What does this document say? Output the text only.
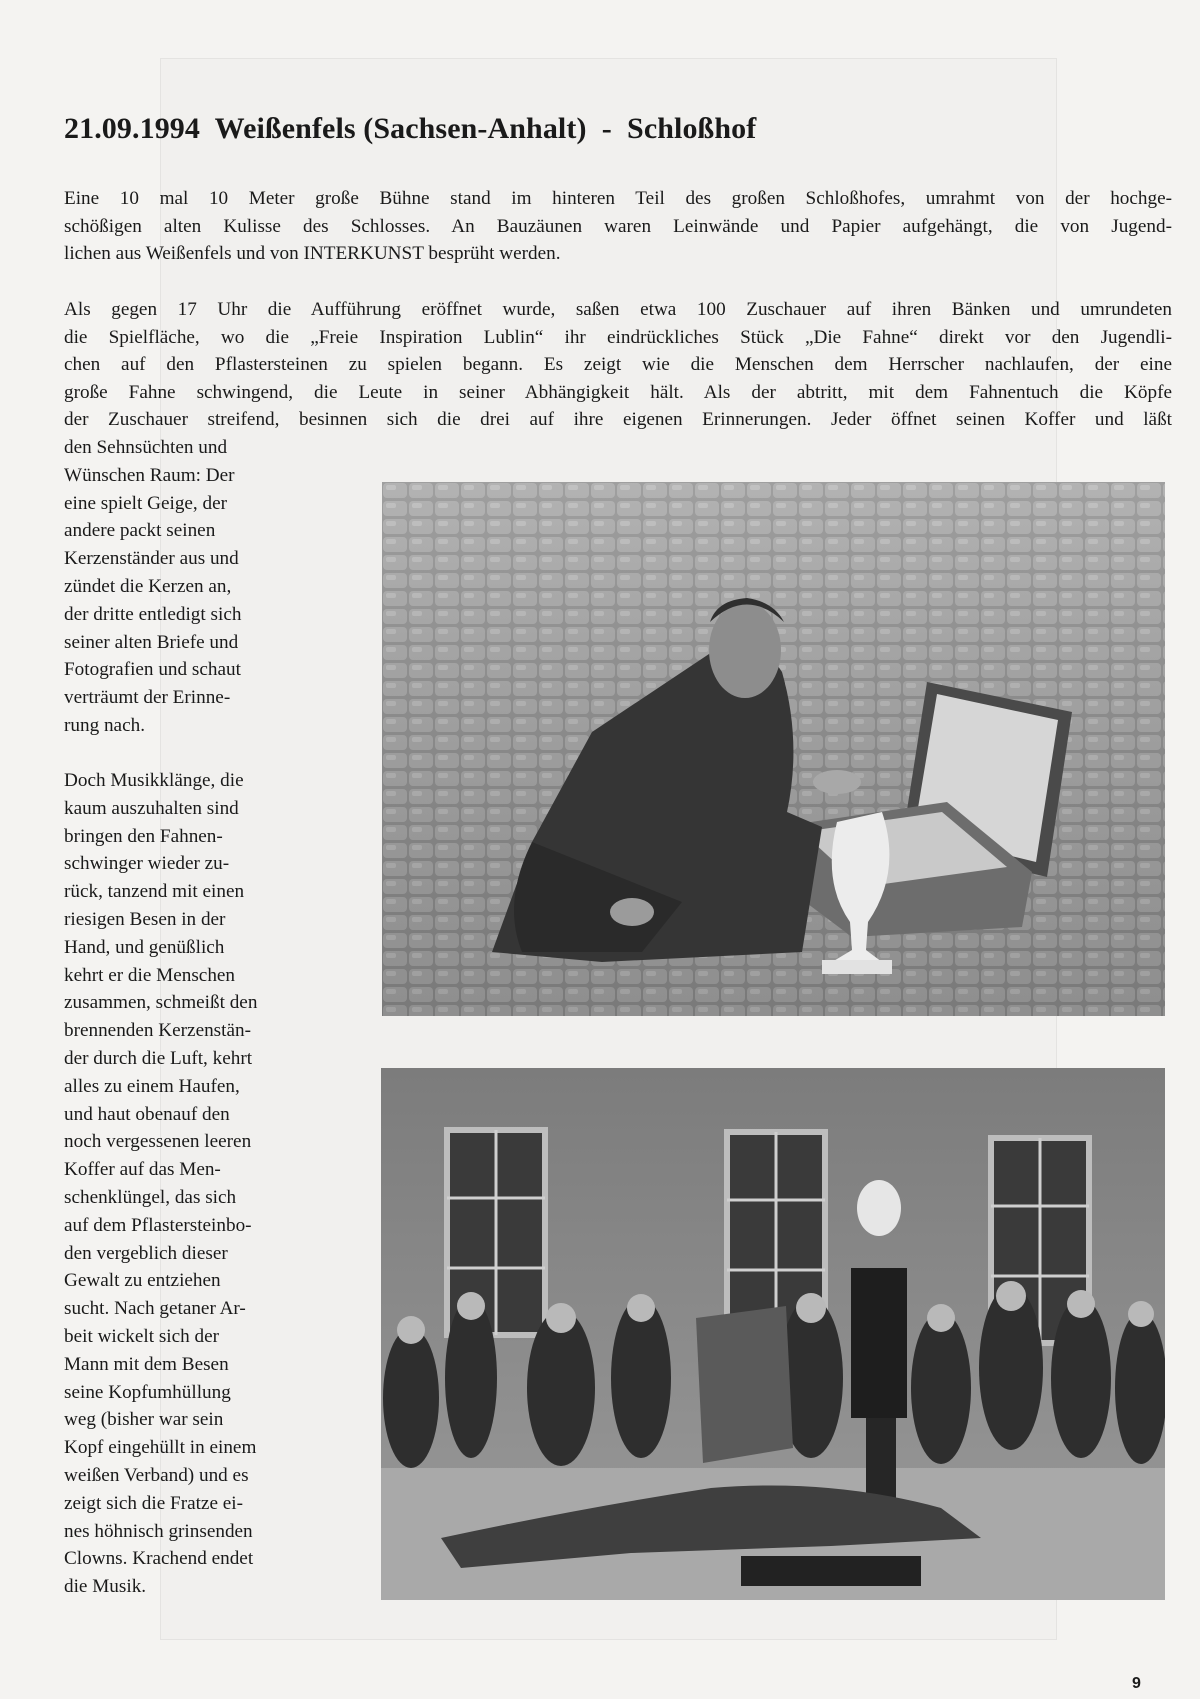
21.09.1994  Weißenfels (Sachsen-Anhalt)  -  Schloßhof

Eine 10 mal 10 Meter große Bühne stand im hinteren Teil des großen Schloßhofes, umrahmt von der hochge-
schößigen alten Kulisse des Schlosses. An Bauzäunen waren Leinwände und Papier aufgehängt, die von Jugend-
lichen aus Weißenfels und von INTERKUNST besprüht werden.

Als gegen 17 Uhr die Aufführung eröffnet wurde, saßen etwa 100 Zuschauer auf ihren Bänken und umrundeten
die Spielfläche, wo die „Freie Inspiration Lublin“ ihr eindrückliches Stück „Die Fahne“ direkt vor den Jugendli-
chen auf den Pflastersteinen zu spielen begann. Es zeigt wie die Menschen dem Herrscher nachlaufen, der eine
große Fahne schwingend, die Leute in seiner Abhängigkeit hält. Als der abtritt, mit dem Fahnentuch die Köpfe
der Zuschauer streifend, besinnen sich die drei auf ihre eigenen Erinnerungen. Jeder öffnet seinen Koffer und läßt

den Sehnsüchten und
Wünschen Raum: Der
eine spielt Geige, der
andere packt seinen
Kerzenständer aus und
zündet die Kerzen an,
der dritte entledigt sich
seiner alten Briefe und
Fotografien und schaut
verträumt der Erinne-
rung nach.

Doch Musikklänge, die
kaum auszuhalten sind
bringen den Fahnen-
schwinger wieder zu-
rück, tanzend mit einen
riesigen Besen in der
Hand, und genüßlich
kehrt er die Menschen
zusammen, schmeißt den
brennenden Kerzenstän-
der durch die Luft, kehrt
alles zu einem Haufen,
und haut obenauf den
noch vergessenen leeren
Koffer auf das Men-
schenklüngel, das sich
auf dem Pflastersteinbo-
den vergeblich dieser
Gewalt zu entziehen
sucht. Nach getaner Ar-
beit wickelt sich der
Mann mit dem Besen
seine Kopfumhüllung
weg (bisher war sein
Kopf eingehüllt in einem
weißen Verband) und es
zeigt sich die Fratze ei-
nes höhnisch grinsenden
Clowns. Krachend endet
die Musik.

9
